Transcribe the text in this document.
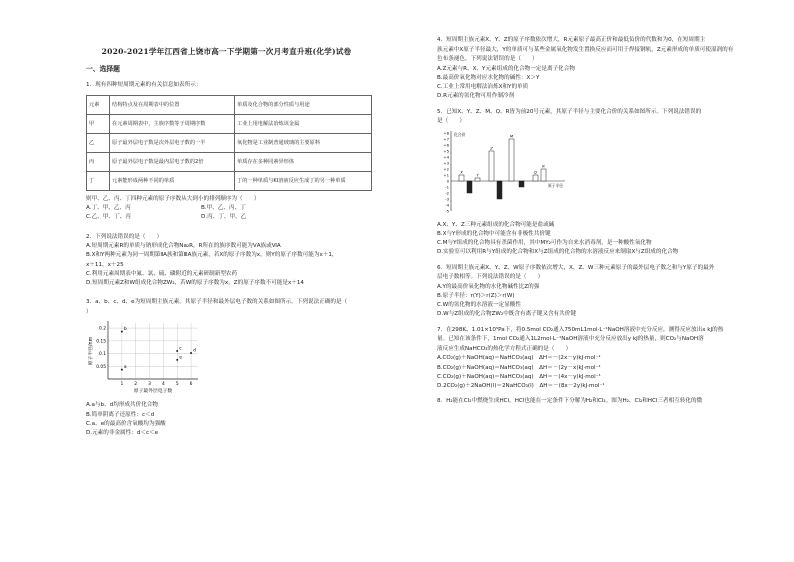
2020-2021学年江西省上饶市高一下学期第一次月考直升班(化学)试卷
一、选择题

1．现有四种短周期元素的有关信息如表所示：

元素	结构特点及在周期表中的位置	单质及化合物的部分性质与用途
甲	在元素周期表中，主族序数等于周期序数	工业上用电解法冶炼该金属
乙	原子最外层电子数是次外层电子数的一半	氧化物是工业制普通玻璃的主要原料
丙	原子最外层电子数是最内层电子数的2倍	单质存在多种同素异形体
丁	元素能形成两种不同的单质	丁的一种单质与KI溶液反应生成丁的另一种单质

则甲、乙、丙、丁四种元素的原子序数从大到小的排列顺序为（　　）

A.丁、甲、乙、丙	B.甲、乙、丙、丁
C.乙、甲、丁、丙	D.丙、丁、甲、乙

2．下列说法错误的是（　　）

A.短周期元素R的单质与钠形成化合物Na₂R，R所在的族序数可能为ⅤA族或ⅥA
B.X和Y两种元素为同一周期第ⅡA族和第ⅢA族元素，若X的原子序数为x，则Y的原子序数可能为x＋1，
x＋11，x＋25
C.利用元素周期表中氟、氯、硫、磷附近的元素研制新型农药
D.短周期元素Z和W组成化合物ZW₂，若W的原子序数为x，Z的原子序数不可能是x＋14

3．a、b、c、d、e为短周期主族元素。其原子半径和最外层电子数的关系如图所示。下列说法正确的是（

）

0.2
0.15
0.1
0.05
1	2	3	4	5	6
原子最外层电子数
原子半径/nm
a
b
c	d
e
A.a与b、d均形成共价化合物
B.简单阴离子还原性：c＜d
C.a、e的最高价含氧酸均为强酸
D.元素的非金属性：d＜c＜e

4．短周期主族元素X、Y、Z的原子序数依次增大，R元素原子最高正价和最低负价的代数和为0，在短周期主

族元素中X原子半径最大，Y的单质可与某些金属氧化物发生置换反应而可用于焊接钢轨，Z元素形成的单质可使湿润的有

色布条褪色。下列说法错误的是（　　）

A.Z元素与R、X、Y元素组成的化合物一定是离子化合物
B.最高价氧化物对应水化物的碱性：X＞Y
C.工业上常用电解法冶炼X和Y的单质
D.R元素的氢化物可用作制冷剂

5．已知X、Y、Z、M、Q、R皆为前20号元素，其原子半径与主要化合价的关系如图所示。下列说法错误的

是（　　）

+8
+7
+6
+5
+4
+3
+2
+1
0
-1
-2
-3
-4
-5
化合价
原子半径
X
Y
Z
M
Q
R
A.X、Y、Z三种元素组成的化合物可能是盐或碱
B.X与Y形成的化合物中可能含有非极性共价键
C.M与Y组成的化合物具有杀菌作用，其中MY₂可作为自来水消毒剂，是一种酸性氧化物
D.实验室可以利用R与Y组成的化合物和X与Z组成的化合物的水溶液反应来制取X与Z组成的化合物

6．短周期主族元素X、Y、Z、W原子序数依次增大，X、Z、W三种元素原子的最外层电子数之和与Y原子的最外

层电子数相等。下列说法错误的是（　　）

A.Y的最高价氧化物的水化物碱性比Z的强
B.原子半径：r(Y)＞r(Z)＞r(W)
C.W的氢化物的水溶液一定显酸性
D.W与Z组成的化合物ZW₂中既含有离子键又含有共价键

7．在298K、1.01×10⁵Pa下，将0.5mol CO₂通入750mL1mol·L⁻¹NaOH溶液中充分反应，测得反应放出x kJ的热

量。已知在该条件下，1mol CO₂通入1L2mol·L⁻¹NaOH溶液中充分反应放出y kJ的热量，则CO₂与NaOH溶

液反应生成NaHCO₃的热化学方程式正确的是（　　）

A.CO₂(g)＋NaOH(aq)＝NaHCO₃(aq)　ΔH＝－(2x－y)kJ·mol⁻¹
B.CO₂(g)＋NaOH(aq)＝NaHCO₃(aq)　ΔH＝－(2y－x)kJ·mol⁻¹
C.CO₂(g)＋NaOH(aq)＝NaHCO₃(aq)　ΔH＝－(4x－y)kJ·mol⁻¹
D.2CO₂(g)＋2NaOH(l)＝2NaHCO₃(l)　ΔH＝－(8x－2y)kJ·mol⁻¹

8．H₂能在Cl₂中燃烧生成HCl，HCl也能在一定条件下分解为H₂和Cl₂。图为H₂、Cl₂和HCl三者相互转化的微
